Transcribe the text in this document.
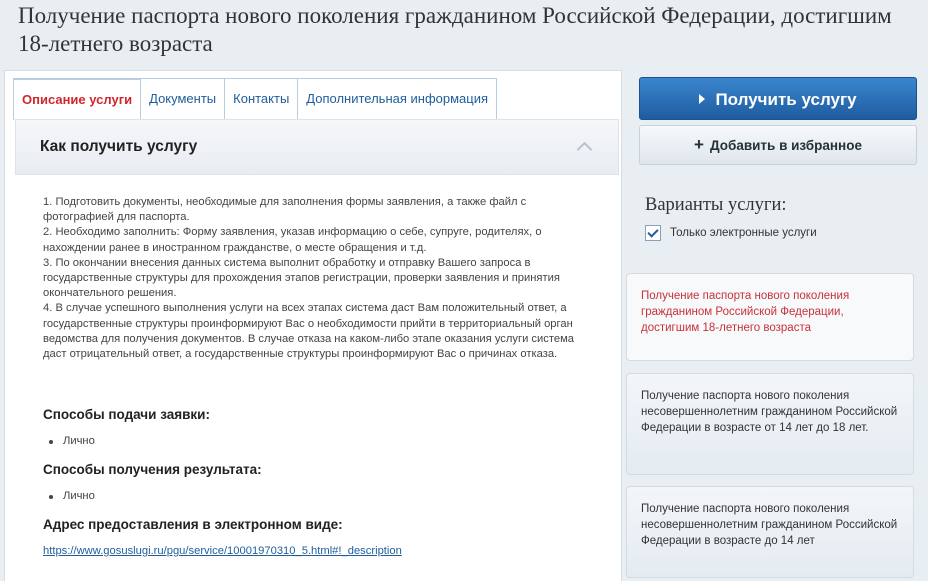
Получение паспорта нового поколения гражданином Российской Федерации, достигшим 18-летнего возраста
Описание услуги	Документы	Контакты	Дополнительная информация
Как получить услугу

1. Подготовить документы, необходимые для заполнения формы заявления, а также файл с фотографией для паспорта.

2. Необходимо заполнить: Форму заявления, указав информацию о себе, супруге, родителях, о нахождении ранее в иностранном гражданстве, о месте обращения и т.д.

3. По окончании внесения данных система выполнит обработку и отправку Вашего запроса в государственные структуры для прохождения этапов регистрации, проверки заявления и принятия окончательного решения.

4. В случае успешного выполнения услуги на всех этапах система даст Вам положительный ответ, а государственные структуры проинформируют Вас о необходимости прийти в территориальный орган ведомства для получения документов. В случае отказа на каком-либо этапе оказания услуги система даст отрицательный ответ, а государственные структуры проинформируют Вас о причинах отказа.

Способы подачи заявки:
Лично
Способы получения результата:
Лично
Адрес предоставления в электронном виде:
https://www.gosuslugi.ru/pgu/service/10001970310_5.html#!_description
Получить услугу
+ Добавить в избранное
Варианты услуги:
Только электронные услуги
Получение паспорта нового поколения гражданином Российской Федерации, достигшим 18-летнего возраста
Получение паспорта нового поколения несовершеннолетним гражданином Российской Федерации в возрасте от 14 лет до 18 лет.
Получение паспорта нового поколения несовершеннолетним гражданином Российской Федерации в возрасте до 14 лет
